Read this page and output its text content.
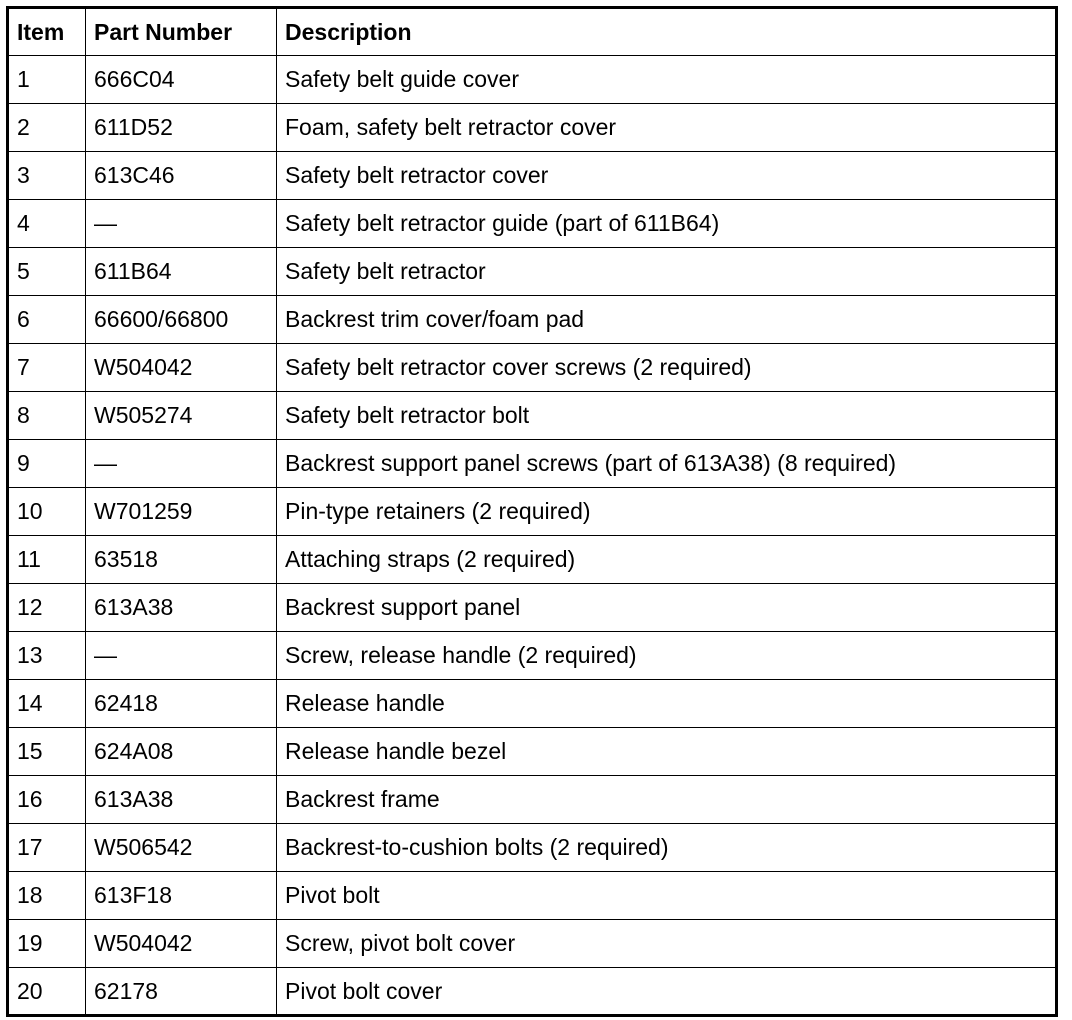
Item	Part Number	Description
1	666C04	Safety belt guide cover
2	611D52	Foam, safety belt retractor cover
3	613C46	Safety belt retractor cover
4	—	Safety belt retractor guide (part of 611B64)
5	611B64	Safety belt retractor
6	66600/66800	Backrest trim cover/foam pad
7	W504042	Safety belt retractor cover screws (2 required)
8	W505274	Safety belt retractor bolt
9	—	Backrest support panel screws (part of 613A38) (8 required)
10	W701259	Pin-type retainers (2 required)
11	63518	Attaching straps (2 required)
12	613A38	Backrest support panel
13	—	Screw, release handle (2 required)
14	62418	Release handle
15	624A08	Release handle bezel
16	613A38	Backrest frame
17	W506542	Backrest-to-cushion bolts (2 required)
18	613F18	Pivot bolt
19	W504042	Screw, pivot bolt cover
20	62178	Pivot bolt cover
